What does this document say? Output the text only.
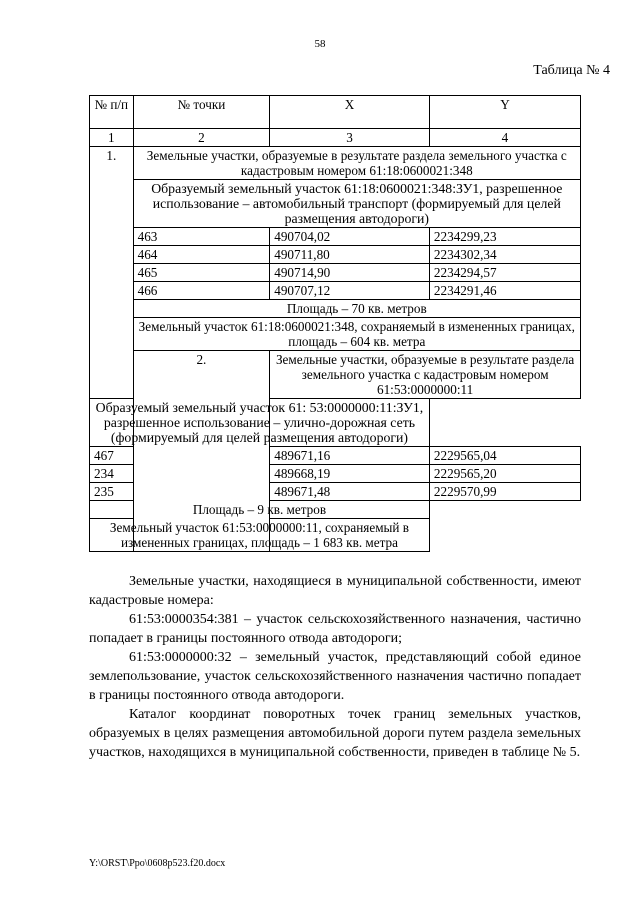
58
Таблица № 4
№ п/п	№ точки	X	Y
1	2	3	4
1.	Земельные участки, образуемые в результате раздела земельного участка с кадастровым номером 61:18:0600021:348		
	Образуемый земельный участок 61:18:0600021:348:ЗУ1, разрешенное использование – автомобильный транспорт (формируемый для целей размещения автодороги)		
	463	490704,02	2234299,23
	464	490711,80	2234302,34
	465	490714,90	2234294,57
	466	490707,12	2234291,46
	Площадь – 70 кв. метров		
	Земельный участок 61:18:0600021:348, сохраняемый в измененных границах, площадь – 604 кв. метра		
	2.	Земельные участки, образуемые в результате раздела земельного участка с кадастровым номером 61:53:0000000:11	
Образуемый земельный участок 61: 53:0000000:11:ЗУ1, разрешенное использование – улично-дорожная сеть (формируемый для целей размещения автодороги)			
467		489671,16	2229565,04
234		489668,19	2229565,20
235		489671,48	2229570,99
Площадь – 9 кв. метров			
Земельный участок 61:53:0000000:11, сохраняемый в измененных границах, площадь – 1 683 кв. метра			

Земельные участки, находящиеся в муниципальной собственности, имеют кадастровые номера:

61:53:0000354:381 – участок сельскохозяйственного назначения, частично попадает в границы постоянного отвода автодороги;

61:53:0000000:32 – земельный участок, представляющий собой единое землепользование, участок сельскохозяйственного назначения частично попадает в границы постоянного отвода автодороги.

Каталог координат поворотных точек границ земельных участков, образуемых в целях размещения автомобильной дороги путем раздела земельных участков, находящихся в муниципальной собственности, приведен в таблице № 5.

Y:\ORST\Ppo\0608p523.f20.docx
